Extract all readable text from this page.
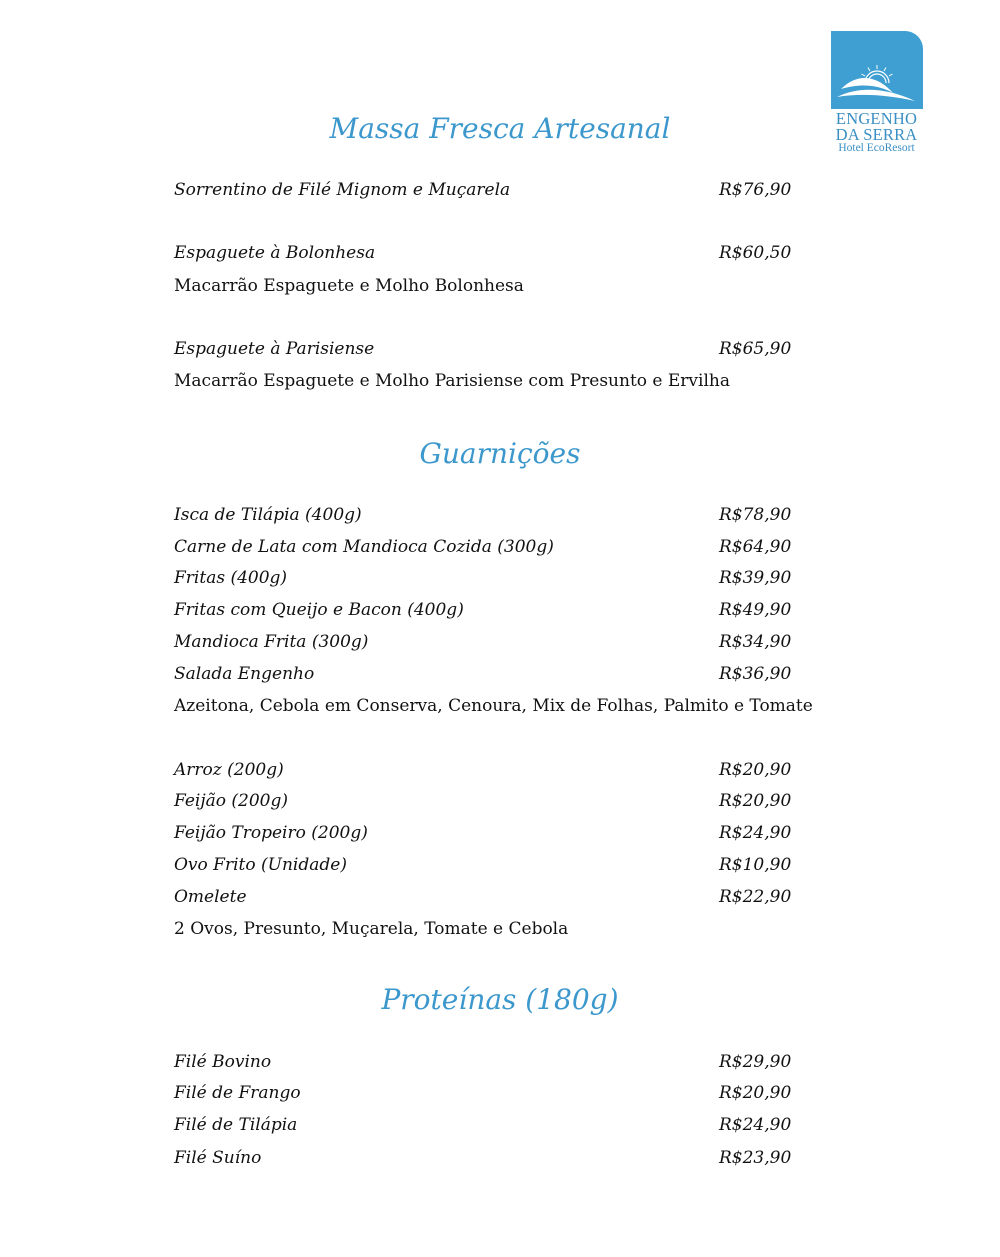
ENGENHO
DA SERRA
Hotel EcoResort
Massa Fresca Artesanal
Sorrentino de Filé Mignom e Muçarela	R$76,90
Espaguete à Bolonhesa	R$60,50
Macarrão Espaguete e Molho Bolonhesa
Espaguete à Parisiense	R$65,90
Macarrão Espaguete e Molho Parisiense com Presunto e Ervilha
Guarnições
Isca de Tilápia (400g)	R$78,90
Carne de Lata com Mandioca Cozida (300g)	R$64,90
Fritas (400g)	R$39,90
Fritas com Queijo e Bacon (400g)	R$49,90
Mandioca Frita (300g)	R$34,90
Salada Engenho	R$36,90
Azeitona, Cebola em Conserva, Cenoura, Mix de Folhas, Palmito e Tomate
Arroz (200g)	R$20,90
Feijão (200g)	R$20,90
Feijão Tropeiro (200g)	R$24,90
Ovo Frito (Unidade)	R$10,90
Omelete	R$22,90
2 Ovos, Presunto, Muçarela, Tomate e Cebola
Proteínas (180g)
Filé Bovino	R$29,90
Filé de Frango	R$20,90
Filé de Tilápia	R$24,90
Filé Suíno	R$23,90
